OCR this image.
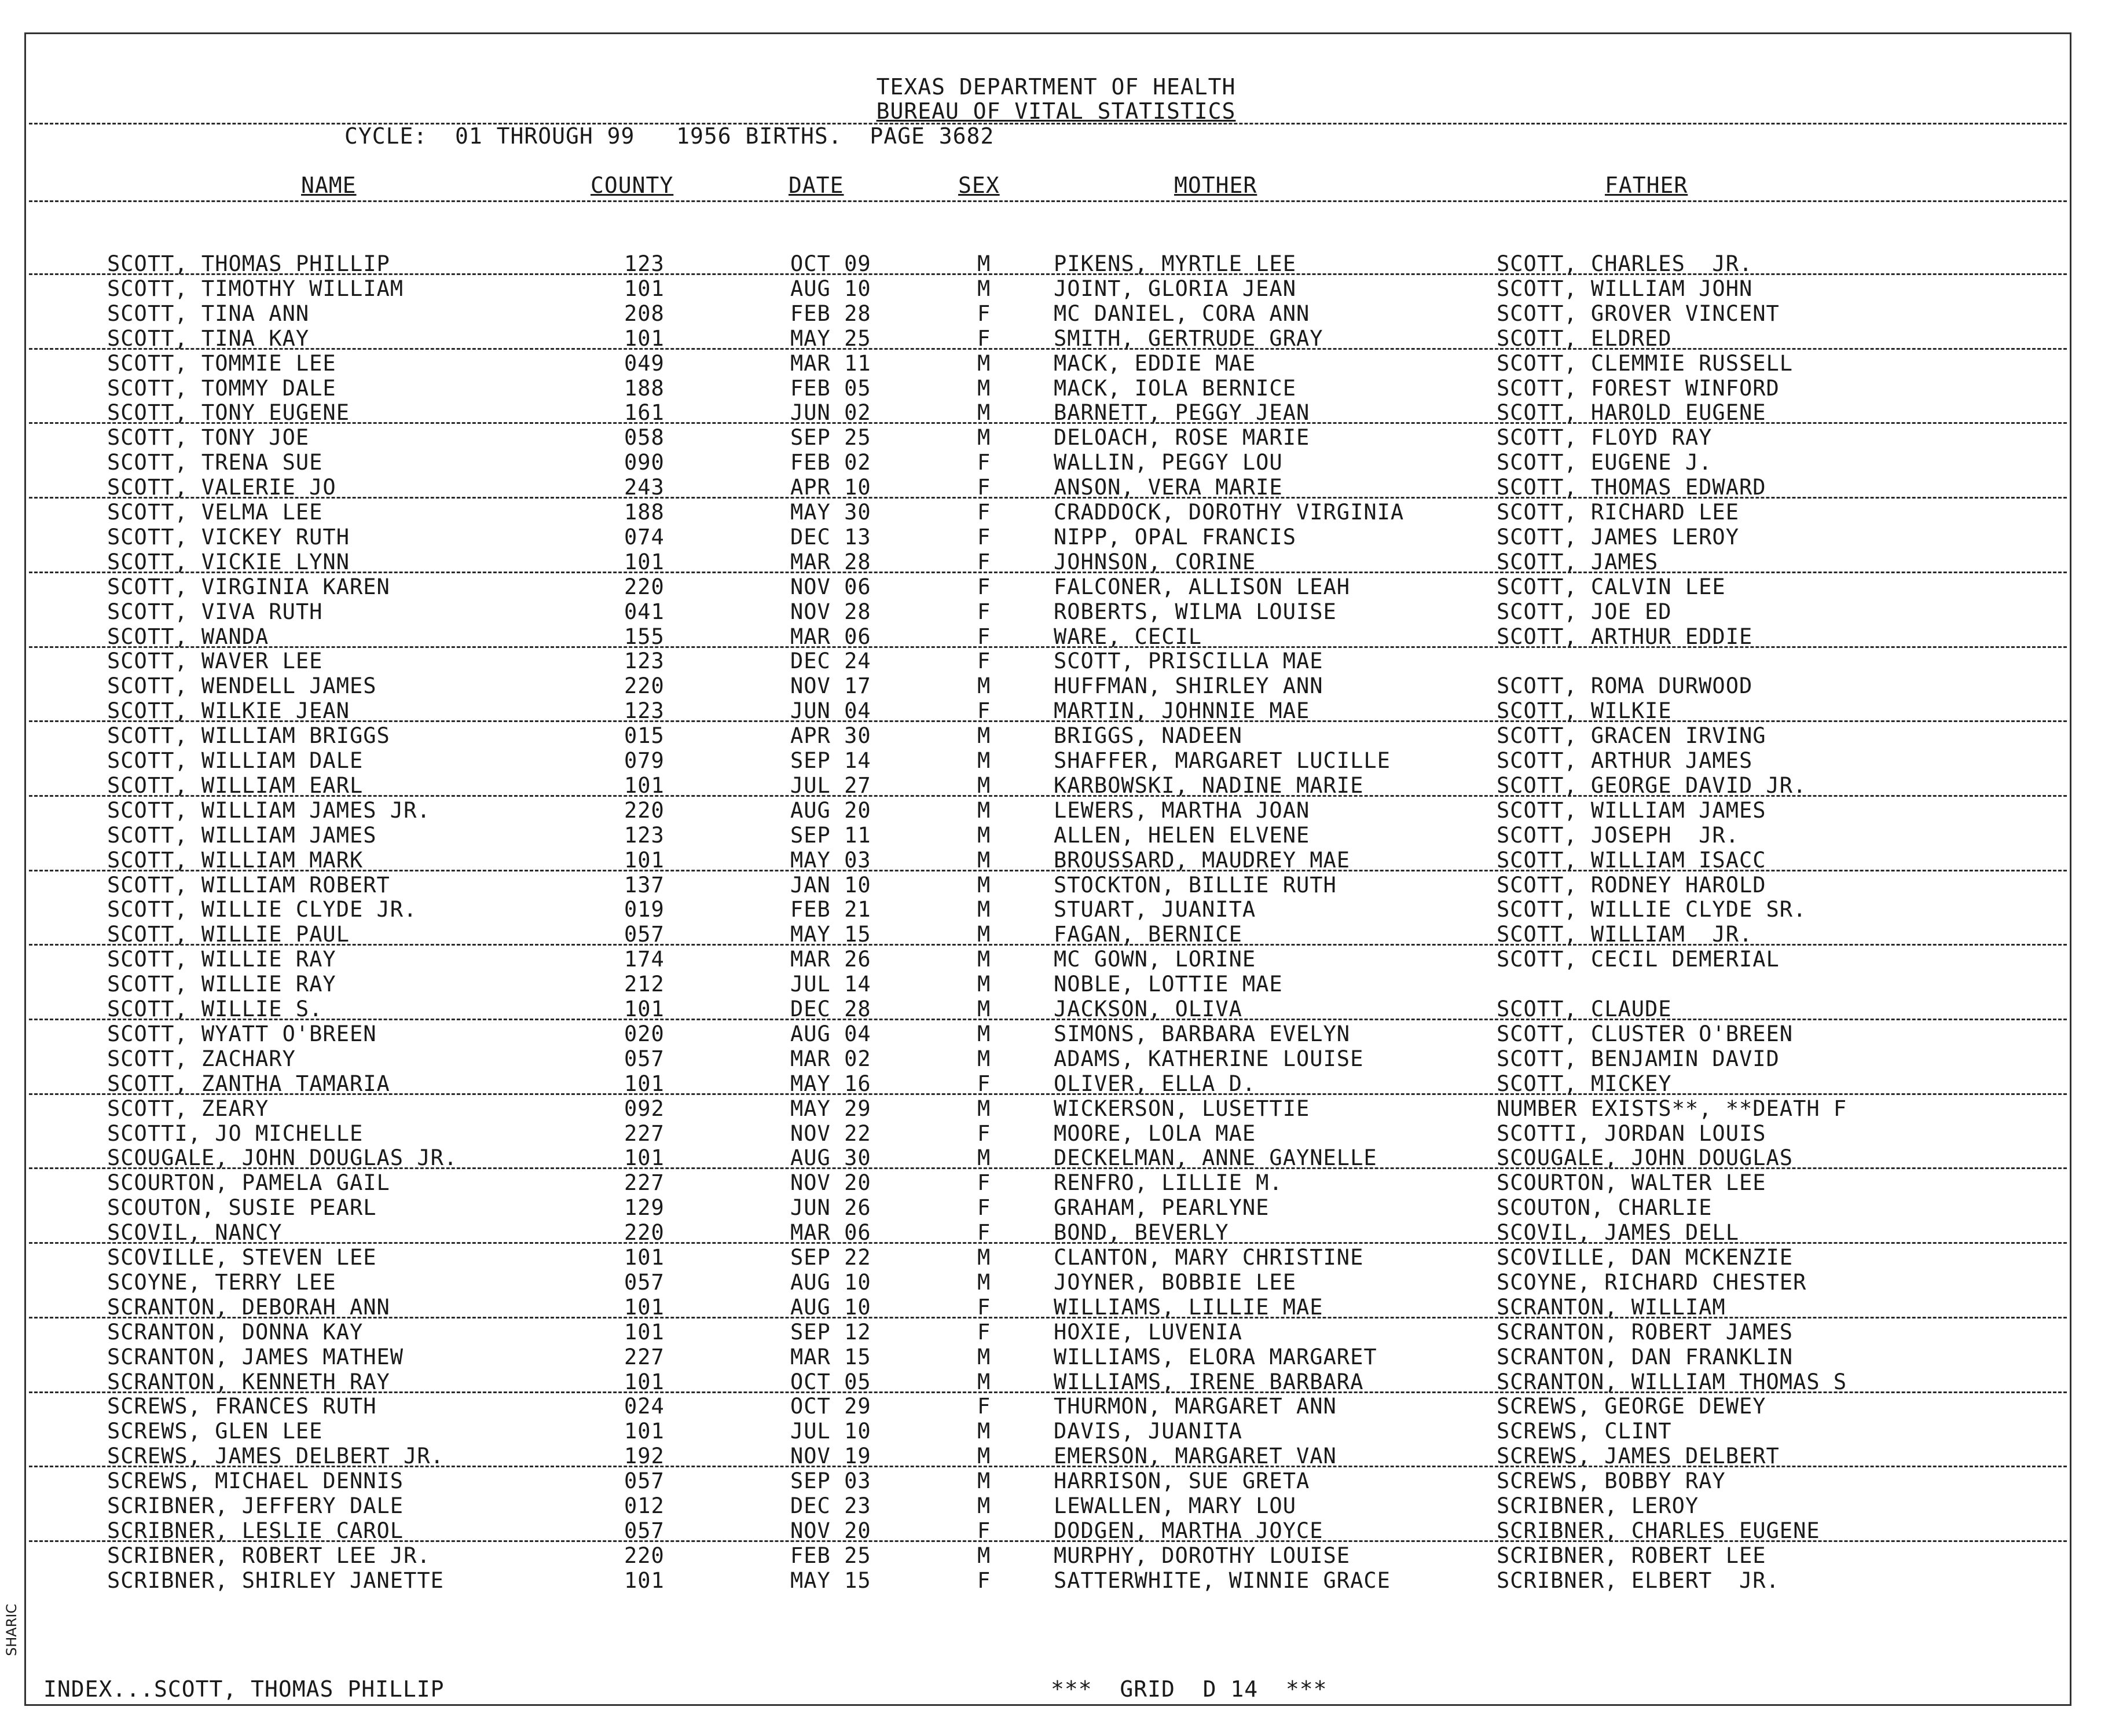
TEXAS DEPARTMENT OF HEALTH
BUREAU OF VITAL STATISTICS
CYCLE:  01 THROUGH 99   1956 BIRTHS.  PAGE 3682
NAME	COUNTY	DATE	SEX	MOTHER	FATHER
SCOTT, THOMAS PHILLIP	123	OCT 09	M	PIKENS, MYRTLE LEE	SCOTT, CHARLES  JR.
SCOTT, TIMOTHY WILLIAM	101	AUG 10	M	JOINT, GLORIA JEAN	SCOTT, WILLIAM JOHN
SCOTT, TINA ANN	208	FEB 28	F	MC DANIEL, CORA ANN	SCOTT, GROVER VINCENT
SCOTT, TINA KAY	101	MAY 25	F	SMITH, GERTRUDE GRAY	SCOTT, ELDRED
SCOTT, TOMMIE LEE	049	MAR 11	M	MACK, EDDIE MAE	SCOTT, CLEMMIE RUSSELL
SCOTT, TOMMY DALE	188	FEB 05	M	MACK, IOLA BERNICE	SCOTT, FOREST WINFORD
SCOTT, TONY EUGENE	161	JUN 02	M	BARNETT, PEGGY JEAN	SCOTT, HAROLD EUGENE
SCOTT, TONY JOE	058	SEP 25	M	DELOACH, ROSE MARIE	SCOTT, FLOYD RAY
SCOTT, TRENA SUE	090	FEB 02	F	WALLIN, PEGGY LOU	SCOTT, EUGENE J.
SCOTT, VALERIE JO	243	APR 10	F	ANSON, VERA MARIE	SCOTT, THOMAS EDWARD
SCOTT, VELMA LEE	188	MAY 30	F	CRADDOCK, DOROTHY VIRGINIA	SCOTT, RICHARD LEE
SCOTT, VICKEY RUTH	074	DEC 13	F	NIPP, OPAL FRANCIS	SCOTT, JAMES LEROY
SCOTT, VICKIE LYNN	101	MAR 28	F	JOHNSON, CORINE	SCOTT, JAMES
SCOTT, VIRGINIA KAREN	220	NOV 06	F	FALCONER, ALLISON LEAH	SCOTT, CALVIN LEE
SCOTT, VIVA RUTH	041	NOV 28	F	ROBERTS, WILMA LOUISE	SCOTT, JOE ED
SCOTT, WANDA	155	MAR 06	F	WARE, CECIL	SCOTT, ARTHUR EDDIE
SCOTT, WAVER LEE	123	DEC 24	F	SCOTT, PRISCILLA MAE
SCOTT, WENDELL JAMES	220	NOV 17	M	HUFFMAN, SHIRLEY ANN	SCOTT, ROMA DURWOOD
SCOTT, WILKIE JEAN	123	JUN 04	F	MARTIN, JOHNNIE MAE	SCOTT, WILKIE
SCOTT, WILLIAM BRIGGS	015	APR 30	M	BRIGGS, NADEEN	SCOTT, GRACEN IRVING
SCOTT, WILLIAM DALE	079	SEP 14	M	SHAFFER, MARGARET LUCILLE	SCOTT, ARTHUR JAMES
SCOTT, WILLIAM EARL	101	JUL 27	M	KARBOWSKI, NADINE MARIE	SCOTT, GEORGE DAVID JR.
SCOTT, WILLIAM JAMES JR.	220	AUG 20	M	LEWERS, MARTHA JOAN	SCOTT, WILLIAM JAMES
SCOTT, WILLIAM JAMES	123	SEP 11	M	ALLEN, HELEN ELVENE	SCOTT, JOSEPH  JR.
SCOTT, WILLIAM MARK	101	MAY 03	M	BROUSSARD, MAUDREY MAE	SCOTT, WILLIAM ISACC
SCOTT, WILLIAM ROBERT	137	JAN 10	M	STOCKTON, BILLIE RUTH	SCOTT, RODNEY HAROLD
SCOTT, WILLIE CLYDE JR.	019	FEB 21	M	STUART, JUANITA	SCOTT, WILLIE CLYDE SR.
SCOTT, WILLIE PAUL	057	MAY 15	M	FAGAN, BERNICE	SCOTT, WILLIAM  JR.
SCOTT, WILLIE RAY	174	MAR 26	M	MC GOWN, LORINE	SCOTT, CECIL DEMERIAL
SCOTT, WILLIE RAY	212	JUL 14	M	NOBLE, LOTTIE MAE
SCOTT, WILLIE S.	101	DEC 28	M	JACKSON, OLIVA	SCOTT, CLAUDE
SCOTT, WYATT O'BREEN	020	AUG 04	M	SIMONS, BARBARA EVELYN	SCOTT, CLUSTER O'BREEN
SCOTT, ZACHARY	057	MAR 02	M	ADAMS, KATHERINE LOUISE	SCOTT, BENJAMIN DAVID
SCOTT, ZANTHA TAMARIA	101	MAY 16	F	OLIVER, ELLA D.	SCOTT, MICKEY
SCOTT, ZEARY	092	MAY 29	M	WICKERSON, LUSETTIE	NUMBER EXISTS**, **DEATH F
SCOTTI, JO MICHELLE	227	NOV 22	F	MOORE, LOLA MAE	SCOTTI, JORDAN LOUIS
SCOUGALE, JOHN DOUGLAS JR.	101	AUG 30	M	DECKELMAN, ANNE GAYNELLE	SCOUGALE, JOHN DOUGLAS
SCOURTON, PAMELA GAIL	227	NOV 20	F	RENFRO, LILLIE M.	SCOURTON, WALTER LEE
SCOUTON, SUSIE PEARL	129	JUN 26	F	GRAHAM, PEARLYNE	SCOUTON, CHARLIE
SCOVIL, NANCY	220	MAR 06	F	BOND, BEVERLY	SCOVIL, JAMES DELL
SCOVILLE, STEVEN LEE	101	SEP 22	M	CLANTON, MARY CHRISTINE	SCOVILLE, DAN MCKENZIE
SCOYNE, TERRY LEE	057	AUG 10	M	JOYNER, BOBBIE LEE	SCOYNE, RICHARD CHESTER
SCRANTON, DEBORAH ANN	101	AUG 10	F	WILLIAMS, LILLIE MAE	SCRANTON, WILLIAM
SCRANTON, DONNA KAY	101	SEP 12	F	HOXIE, LUVENIA	SCRANTON, ROBERT JAMES
SCRANTON, JAMES MATHEW	227	MAR 15	M	WILLIAMS, ELORA MARGARET	SCRANTON, DAN FRANKLIN
SCRANTON, KENNETH RAY	101	OCT 05	M	WILLIAMS, IRENE BARBARA	SCRANTON, WILLIAM THOMAS S
SCREWS, FRANCES RUTH	024	OCT 29	F	THURMON, MARGARET ANN	SCREWS, GEORGE DEWEY
SCREWS, GLEN LEE	101	JUL 10	M	DAVIS, JUANITA	SCREWS, CLINT
SCREWS, JAMES DELBERT JR.	192	NOV 19	M	EMERSON, MARGARET VAN	SCREWS, JAMES DELBERT
SCREWS, MICHAEL DENNIS	057	SEP 03	M	HARRISON, SUE GRETA	SCREWS, BOBBY RAY
SCRIBNER, JEFFERY DALE	012	DEC 23	M	LEWALLEN, MARY LOU	SCRIBNER, LEROY
SCRIBNER, LESLIE CAROL	057	NOV 20	F	DODGEN, MARTHA JOYCE	SCRIBNER, CHARLES EUGENE
SCRIBNER, ROBERT LEE JR.	220	FEB 25	M	MURPHY, DOROTHY LOUISE	SCRIBNER, ROBERT LEE
SCRIBNER, SHIRLEY JANETTE	101	MAY 15	F	SATTERWHITE, WINNIE GRACE	SCRIBNER, ELBERT  JR.
INDEX...SCOTT, THOMAS PHILLIP	***  GRID  D 14  ***
SHARIC
